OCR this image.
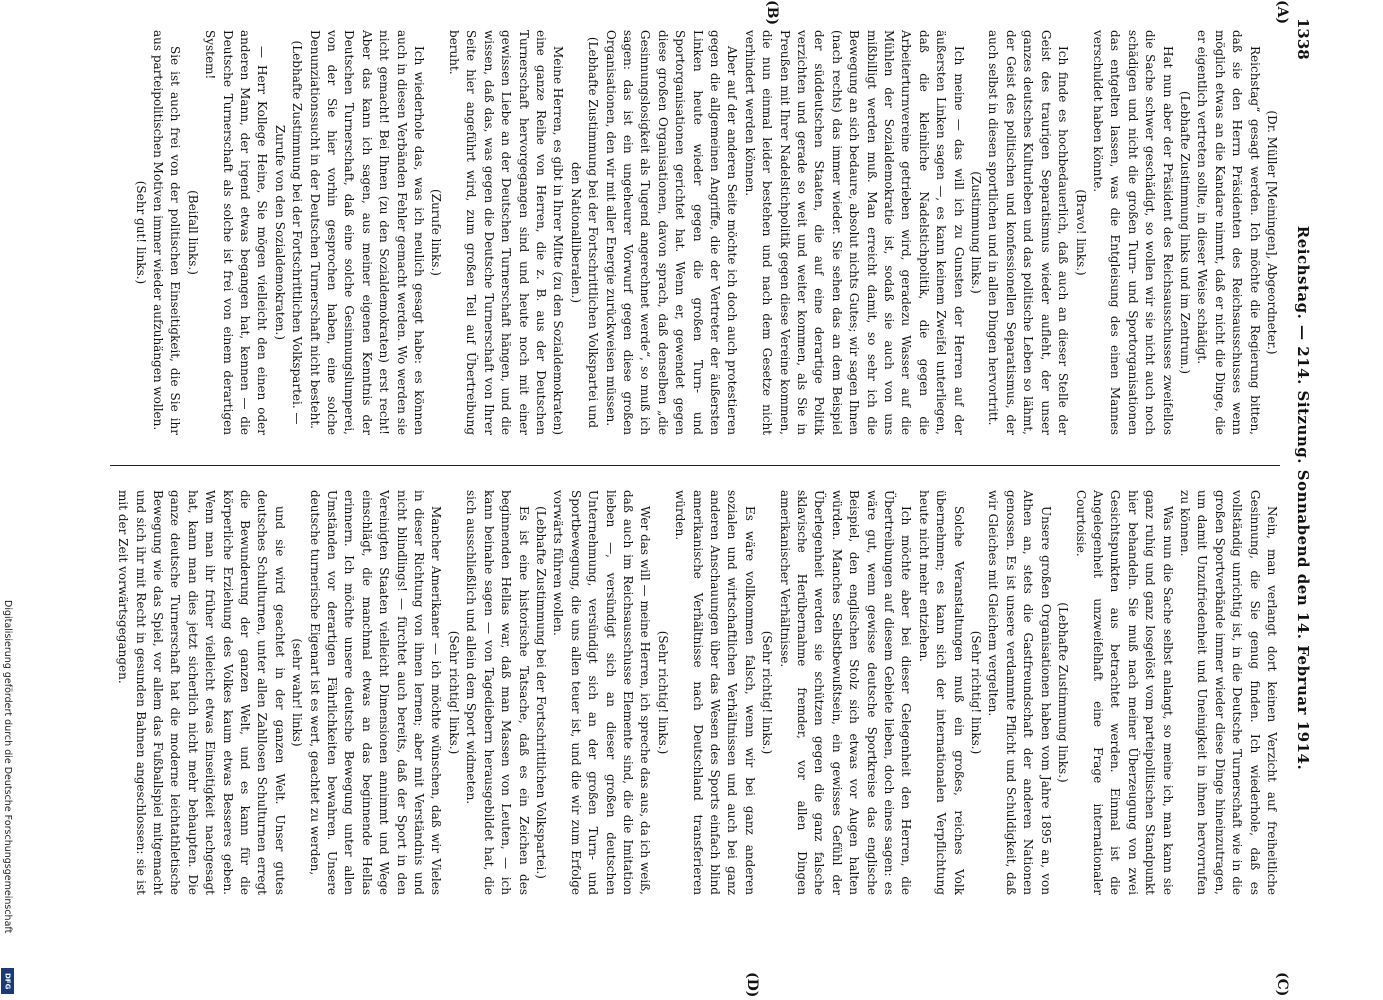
1338
Reichstag. — 214. Sitzung. Sonnabend den 14. Februar 1914.
(A)
(B)
(C)
(D)

(Dr. Müller [Meiningen], Abgeordneter.)

Reichstag“ gesagt werden. Ich möchte die Regierung bitten, daß sie den Herrn Präsidenten des Reichsausschusses wenn möglich etwas an die Kandare nimmt, daß er nicht die Dinge, die er eigentlich vertreten sollte, in dieser Weise schädigt.

(Lebhafte Zustimmung links und im Zentrum.)

Hat nun aber der Präsident des Reichsausschusses zweifellos die Sache schwer geschädigt, so wollen wir sie nicht auch noch schädigen und nicht die großen Turn- und Sportorganisationen das entgelten lassen, was die Entgleisung des einen Mannes verschuldet haben könnte.

(Bravo! links.)

Ich finde es hochbedauerlich, daß auch an dieser Stelle der Geist des traurigen Separatismus wieder aufleht, der unser ganzes deutsches Kulturleben und das politische Leben so lähmt, der Geist des politischen und konfessionellen Separatismus, der auch selbst in diesen sportlichen und in allen Dingen hervortritt.

(Zustimmung links.)

Ich meine — das will ich zu Gunsten der Herren auf der äußersten Linken sagen —, es kann keinem Zweifel unterliegen, daß die kleinliche Nadelstichpolitik, die gegen die Arbeiterturnvereine getrieben wird, geradezu Wasser auf die Mühlen der Sozialdemokratie ist, sodaß sie auch von uns mißbilligt werden muß. Man erreicht damit, so sehr ich die Bewegung an sich bedaure, absolut nichts Gutes; wir sagen Ihnen (nach rechts) das immer wieder. Sie sehen das an dem Beispiel der süddeutschen Staaten, die auf eine derartige Politik verzichten und gerade so weit und weiter kommen, als Sie in Preußen mit Ihrer Nadelstichpolitik gegen diese Vereine kommen, die nun einmal leider bestehen und nach dem Gesetze nicht verhindert werden können.

Aber auf der anderen Seite möchte ich doch auch protestieren gegen die allgemeinen Angriffe, die der Vertreter der äußersten Linken heute wieder gegen die großen Turn- und Sportorganisationen gerichtet hat. Wenn er, gewendet gegen diese großen Organisationen, davon sprach, daß denselben „die Gesinnungslosigkeit als Tugend angerechnet werde“, so muß ich sagen: das ist ein ungeheurer Vorwurf gegen diese großen Organisationen, den wir mit aller Energie zurückweisen müssen.

(Lebhafte Zustimmung bei der Fortschrittlichen Volkspartei und den Nationalliberalen.)

Meine Herren, es gibt in Ihrer Mitte (zu den Sozialdemokraten) eine ganze Reihe von Herren, die z. B. aus der Deutschen Turnerschaft hervorgegangen sind und heute noch mit einer gewissen Liebe an der Deutschen Turnerschaft hängen, und die wissen, daß das, was gegen die Deutsche Turnerschaft von Ihrer Seite hier angeführt wird, zum großen Teil auf Übertreibung beruht.

(Zurufe links.)

Ich wiederhole das, was ich neulich gesagt habe: es können auch in diesen Verbänden Fehler gemacht werden. Wo werden sie nicht gemacht! Bei Ihnen (zu den Sozialdemokraten) erst recht! Aber das kann ich sagen, aus meiner eigenen Kenntnis der Deutschen Turnerschaft, daß eine solche Gesinnungslumperei, von der Sie hier vorhin gesprochen haben, eine solche Denunziationssucht in der Deutschen Turnerschaft nicht besteht.

(Lebhafte Zustimmung bei der Fortschrittlichen Volkspartei. — Zurufe von den Sozialdemokraten.)

— Herr Kollege Heine, Sie mögen vielleicht den einen oder anderen Mann, der irgend etwas begangen hat, kennen — die Deutsche Turnerschaft als solche ist frei von einem derartigen System!

(Beifall links.)

Sie ist auch frei von der politischen Einseitigkeit, die Sie ihr aus parteipolitischen Motiven immer wieder aufzuhängen wollen.

(Sehr gut! links.)

Nein, man verlangt dort keinen Verzicht auf freiheitliche Gesinnung, die Sie genug finden. Ich wiederhole, daß es vollständig unrichtig ist, in die Deutsche Turnerschaft wie in die großen Sportverbände immer wieder diese Dinge hineinzutragen, um damit Unzufriedenheit und Uneinigkeit in ihnen hervorrufen zu können.

Was nun die Sache selbst anlangt, so meine ich, man kann sie ganz ruhig und ganz losgelöst vom parteipolitischen Standpunkt hier behandeln. Sie muß nach meiner Überzeugung von zwei Gesichtspunkten aus betrachtet werden. Einmal ist die Angelegenheit unzweifelhaft eine Frage internationaler Courtoisie.

(Lebhafte Zustimmung links.)

Unsere großen Organisationen haben vom Jahre 1895 an, von Athen an, stets die Gastfreundschaft der anderen Nationen genossen. Es ist unsere verdammte Pflicht und Schuldigkeit, daß wir Gleiches mit Gleichem vergelten.

(Sehr richtig! links.)

Solche Veranstaltungen muß ein großes, reiches Volk übernehmen; es kann sich der internationalen Verpflichtung heute nicht mehr entziehen.

Ich möchte aber bei dieser Gelegenheit den Herren, die Übertreibungen auf diesem Gebiete lieben, doch eines sagen: es wäre gut, wenn gewisse deutsche Sportkreise das englische Beispiel, den englischen Stolz sich etwas vor Augen halten würden. Manches Selbstbewußtsein, ein gewisses Gefühl der Überlegenheit werden sie schützen gegen die ganz falsche sklavische Herübernahme fremder, vor allen Dingen amerikanischer Verhältnisse.

(Sehr richtig! links.)

Es wäre vollkommen falsch, wenn wir bei ganz anderen sozialen und wirtschaftlichen Verhältnissen und auch bei ganz anderen Anschauungen über das Wesen des Sports einfach blind amerikanische Verhältnisse nach Deutschland transferieren würden.

(Sehr richtig! links.)

Wer das will — meine Herren, ich spreche das aus, da ich weiß, daß auch im Reichsausschusse Elemente sind, die die Imitation lieben —, versündigt sich an dieser großen deutschen Unternehmung, versündigt sich an der großen Turn- und Sportbewegung, die uns allen teuer ist, und die wir zum Erfolge vorwärts führen wollen.

(Lebhafte Zustimmung bei der Fortschrittlichen Volkspartei.)

Es ist eine historische Tatsache, daß es ein Zeichen des beginnenden Hellas war, daß man Massen von Leuten, — ich kann beinahe sagen — von Tagediebern herausgebildet hat, die sich ausschließlich und allein dem Sport widmeten.

(Sehr richtig! links.)

Mancher Amerikaner — ich möchte wünschen, daß wir Vieles in dieser Richtung von ihnen lernen; aber mit Verständnis und nicht blindlings! — fürchtet auch bereits, daß der Sport in den Vereinigten Staaten vielleicht Dimensionen annimmt und Wege einschlägt, die manchmal etwas an das beginnende Hellas erinnern. Ich möchte unsere deutsche Bewegung unter allen Umständen vor derartigen Fährlichkeiten bewahren. Unsere deutsche turnerische Eigenart ist es wert, geachtet zu werden,

(sehr wahr! links)

und sie wird geachtet in der ganzen Welt. Unser gutes deutsches Schulturnen, unter allen Zahllosen Schulturnen erregt die Bewunderung der ganzen Welt, und es kann für die körperliche Erziehung des Volkes kaum etwas Besseres geben. Wenn man ihr früher vielleicht etwas Einseitigkeit nachgesagt hat, kann man dies jetzt sicherlich nicht mehr behaupten. Die ganze deutsche Turnerschaft hat die moderne leichtathletische Bewegung wie das Spiel, vor allem das Fußballspiel mitgemacht und sich ihr mit Recht in gesunden Bahnen angeschlossen: sie ist mit der Zeit vorwärtsgegangen.

Digitalisierung gefördert durch die Deutsche Forschungsgemeinschaft
DFG
